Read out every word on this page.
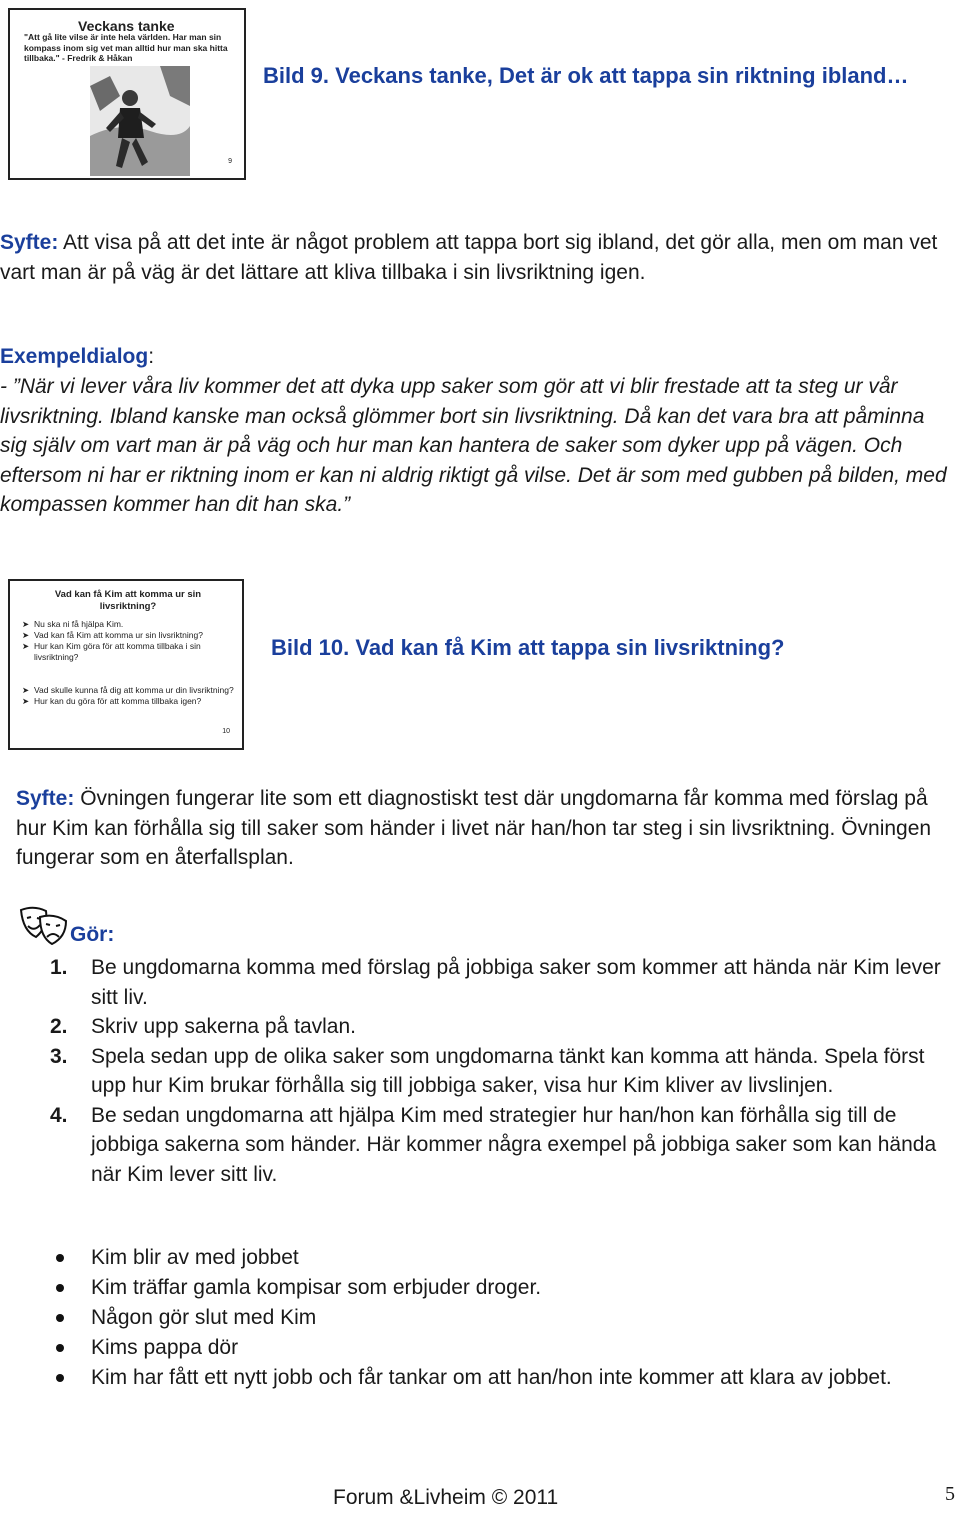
Veckans tanke
"Att gå lite vilse är inte hela världen. Har man sin kompass inom sig vet man alltid hur man ska hitta tillbaka." - Fredrik & Håkan
9
Bild 9. Veckans tanke, Det är ok att tappa sin riktning ibland…
Syfte: Att visa på att det inte är något problem att tappa bort sig ibland, det gör alla, men om man vet vart man är på väg är det lättare att kliva tillbaka i sin livsriktning igen.
Exempeldialog:
- ”När vi lever våra liv kommer det att dyka upp saker som gör att vi blir frestade att ta steg ur vår livsriktning. Ibland kanske man också glömmer bort sin livsriktning. Då kan det vara bra att påminna sig själv om vart man är på väg och hur man kan hantera de saker som dyker upp på vägen. Och eftersom ni har er riktning inom er kan ni aldrig riktigt gå vilse. Det är som med gubben på bilden, med kompassen kommer han dit han ska.”
Vad kan få Kim att komma ur sin livsriktning?
➤ Nu ska ni få hjälpa Kim.
➤ Vad kan få Kim att komma ur sin livsriktning?
➤ Hur kan Kim göra för att komma tillbaka i sin livsriktning?
➤ Vad skulle kunna få dig att komma ur din livsriktning?
➤ Hur kan du göra för att komma tillbaka igen?
10
Bild 10. Vad kan få Kim att tappa sin livsriktning?
Syfte: Övningen fungerar lite som ett diagnostiskt test där ungdomarna får komma med förslag på hur Kim kan förhålla sig till saker som händer i livet när han/hon tar steg i sin livsriktning. Övningen fungerar som en återfallsplan.
Gör:
1. Be ungdomarna komma med förslag på jobbiga saker som kommer att hända när Kim lever sitt liv.
2. Skriv upp sakerna på tavlan.
3. Spela sedan upp de olika saker som ungdomarna tänkt kan komma att hända. Spela först upp hur Kim brukar förhålla sig till jobbiga saker, visa hur Kim kliver av livslinjen.
4. Be sedan ungdomarna att hjälpa Kim med strategier hur han/hon kan förhålla sig till de jobbiga sakerna som händer. Här kommer några exempel på jobbiga saker som kan hända när Kim lever sitt liv.
Kim blir av med jobbet
Kim träffar gamla kompisar som erbjuder droger.
Någon gör slut med Kim
Kims pappa dör
Kim har fått ett nytt jobb och får tankar om att han/hon inte kommer att klara av jobbet.
Forum &Livheim © 2011	5
